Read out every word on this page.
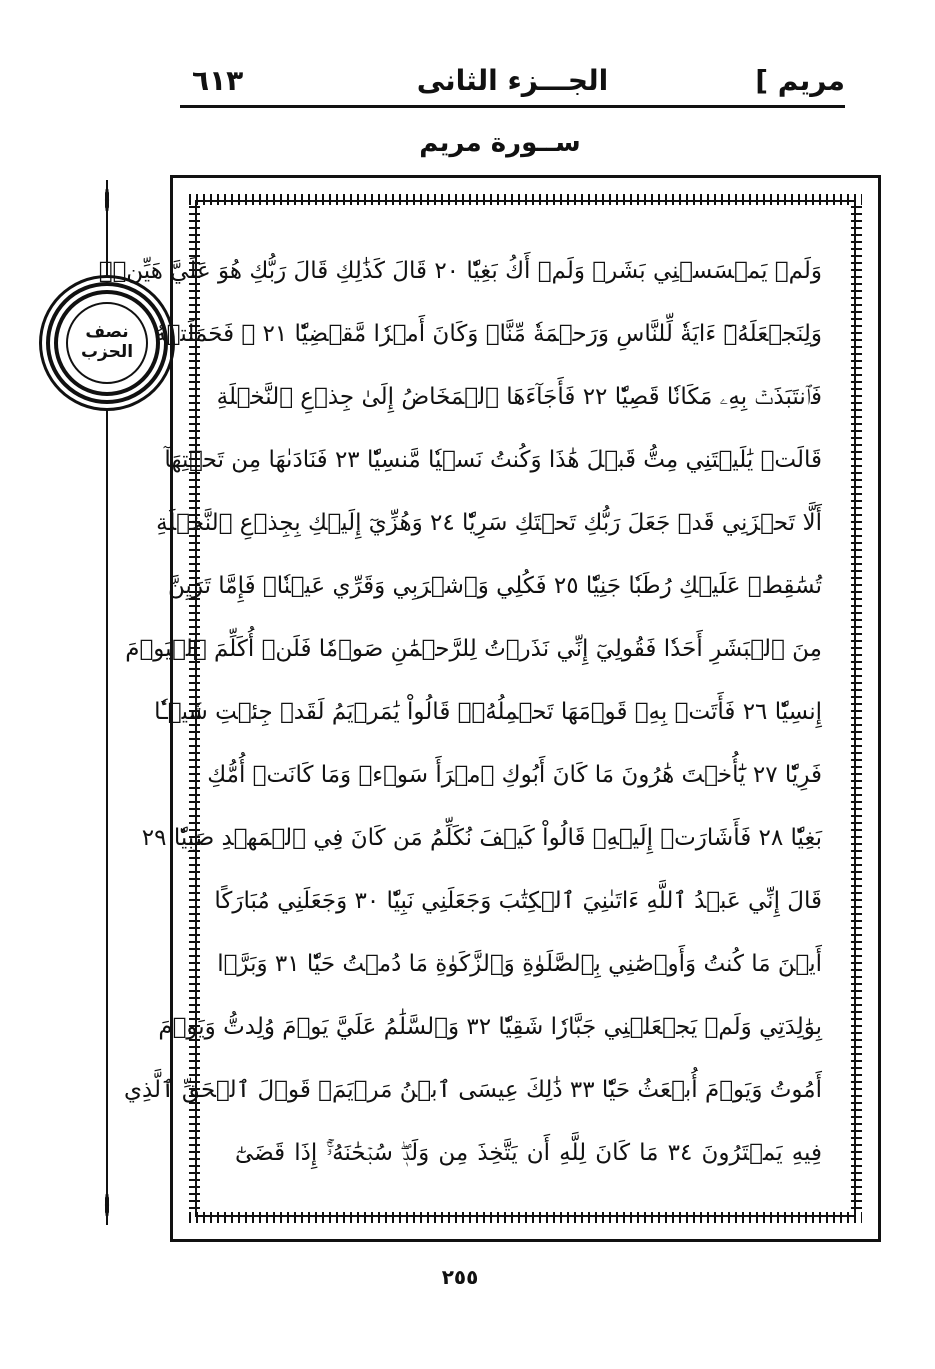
مريم ]
الجـــزء الثانى
٦١٣
ســورة مريم
نصف
الحزب
وَلَمۡ يَمۡسَسۡنِي بَشَرٞ وَلَمۡ أَكُ بَغِيّٗا ٢٠ قَالَ كَذَٰلِكِ قَالَ رَبُّكِ هُوَ عَلَيَّ هَيِّنٞۖ
وَلِنَجۡعَلَهُۥٓ ءَايَةٗ لِّلنَّاسِ وَرَحۡمَةٗ مِّنَّاۚ وَكَانَ أَمۡرٗا مَّقۡضِيّٗا ٢١ ۞ فَحَمَلَتۡهُ
فَٱنتَبَذَتۡ بِهِۦ مَكَانٗا قَصِيّٗا ٢٢ فَأَجَآءَهَا ٱلۡمَخَاضُ إِلَىٰ جِذۡعِ ٱلنَّخۡلَةِ
قَالَتۡ يَٰلَيۡتَنِي مِتُّ قَبۡلَ هَٰذَا وَكُنتُ نَسۡيٗا مَّنسِيّٗا ٢٣ فَنَادَىٰهَا مِن تَحۡتِهَآ
أَلَّا تَحۡزَنِي قَدۡ جَعَلَ رَبُّكِ تَحۡتَكِ سَرِيّٗا ٢٤ وَهُزِّيٓ إِلَيۡكِ بِجِذۡعِ ٱلنَّخۡلَةِ
تُسَٰقِطۡ عَلَيۡكِ رُطَبٗا جَنِيّٗا ٢٥ فَكُلِي وَٱشۡرَبِي وَقَرِّي عَيۡنٗاۖ فَإِمَّا تَرَيِنَّ
مِنَ ٱلۡبَشَرِ أَحَدٗا فَقُولِيٓ إِنِّي نَذَرۡتُ لِلرَّحۡمَٰنِ صَوۡمٗا فَلَنۡ أُكَلِّمَ ٱلۡيَوۡمَ
إِنسِيّٗا ٢٦ فَأَتَتۡ بِهِۦ قَوۡمَهَا تَحۡمِلُهُۥۖ قَالُواْ يَٰمَرۡيَمُ لَقَدۡ جِئۡتِ شَيۡـٔٗا
فَرِيّٗا ٢٧ يَٰٓأُخۡتَ هَٰرُونَ مَا كَانَ أَبُوكِ ٱمۡرَأَ سَوۡءٖ وَمَا كَانَتۡ أُمُّكِ
بَغِيّٗا ٢٨ فَأَشَارَتۡ إِلَيۡهِۖ قَالُواْ كَيۡفَ نُكَلِّمُ مَن كَانَ فِي ٱلۡمَهۡدِ صَبِيّٗا ٢٩
قَالَ إِنِّي عَبۡدُ ٱللَّهِ ءَاتَىٰنِيَ ٱلۡكِتَٰبَ وَجَعَلَنِي نَبِيّٗا ٣٠ وَجَعَلَنِي مُبَارَكًا
أَيۡنَ مَا كُنتُ وَأَوۡصَٰنِي بِٱلصَّلَوٰةِ وَٱلزَّكَوٰةِ مَا دُمۡتُ حَيّٗا ٣١ وَبَرَّۢا
بِوَٰلِدَتِي وَلَمۡ يَجۡعَلۡنِي جَبَّارٗا شَقِيّٗا ٣٢ وَٱلسَّلَٰمُ عَلَيَّ يَوۡمَ وُلِدتُّ وَيَوۡمَ
أَمُوتُ وَيَوۡمَ أُبۡعَثُ حَيّٗا ٣٣ ذَٰلِكَ عِيسَى ٱبۡنُ مَرۡيَمَۖ قَوۡلَ ٱلۡحَقِّ ٱلَّذِي
فِيهِ يَمۡتَرُونَ ٣٤ مَا كَانَ لِلَّهِ أَن يَتَّخِذَ مِن وَلَدٖۖ سُبۡحَٰنَهُۥٓۚ إِذَا قَضَىٰٓ
٢٥٥
